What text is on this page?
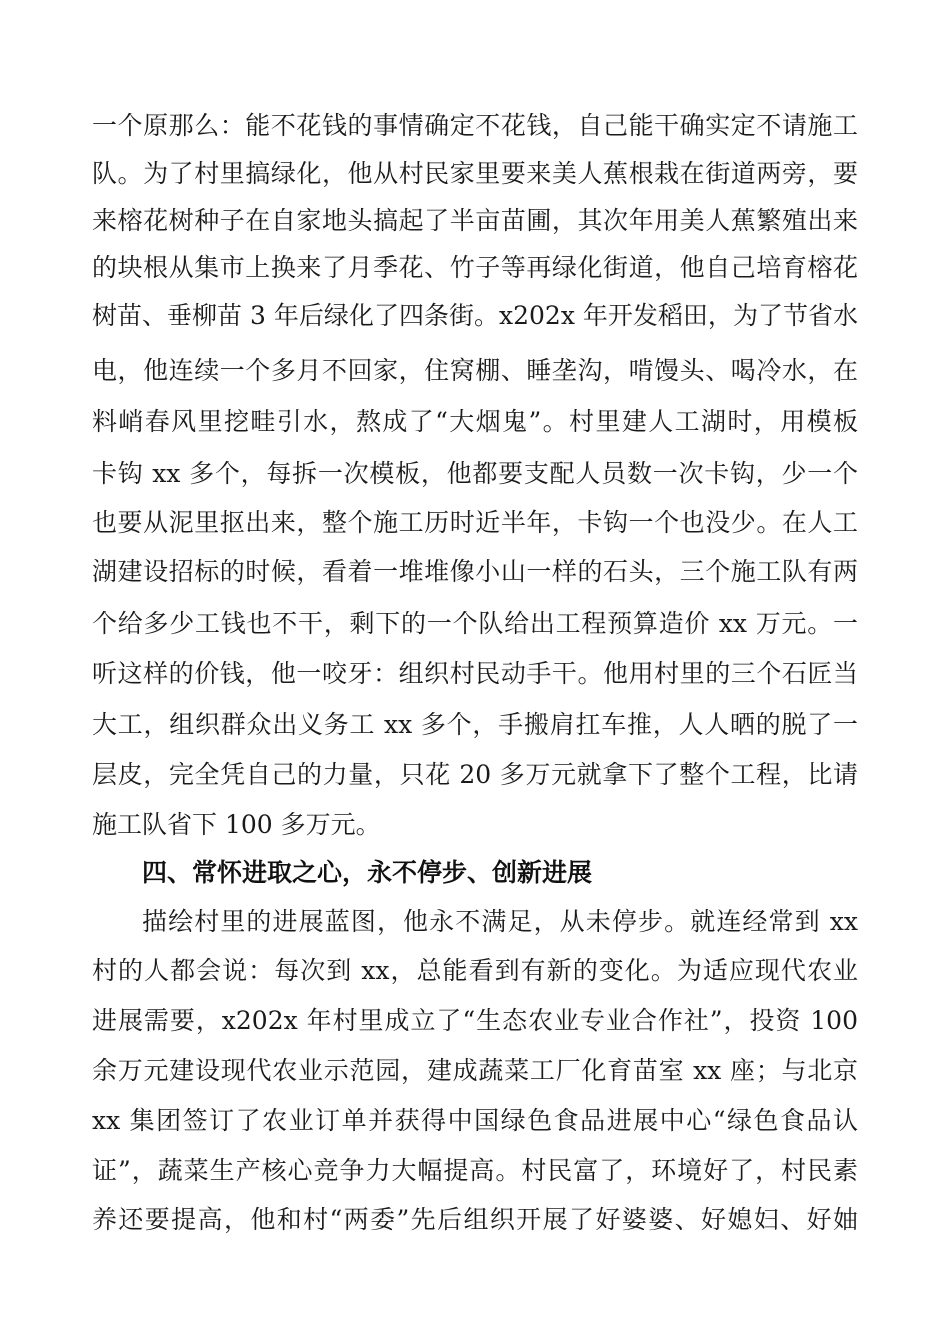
一个原那么：能不花钱的事情确定不花钱，自己能干确实定不请施工
队。为了村里搞绿化，他从村民家里要来美人蕉根栽在街道两旁，要
来榕花树种子在自家地头搞起了半亩苗圃，其次年用美人蕉繁殖出来
的块根从集市上换来了月季花、竹子等再绿化街道，他自己培育榕花
树苗、垂柳苗 3 年后绿化了四条街。x202x 年开发稻田，为了节省水
电，他连续一个多月不回家，住窝棚、睡垄沟，啃馒头、喝冷水，在
料峭春风里挖畦引水，熬成了“大烟鬼”。村里建人工湖时，用模板
卡钩 xx 多个，每拆一次模板，他都要支配人员数一次卡钩，少一个
也要从泥里抠出来，整个施工历时近半年，卡钩一个也没少。在人工
湖建设招标的时候，看着一堆堆像小山一样的石头，三个施工队有两
个给多少工钱也不干，剩下的一个队给出工程预算造价 xx 万元。一
听这样的价钱，他一咬牙：组织村民动手干。他用村里的三个石匠当
大工，组织群众出义务工 xx 多个，手搬肩扛车推，人人晒的脱了一
层皮，完全凭自己的力量，只花 20 多万元就拿下了整个工程，比请
施工队省下 100 多万元。
四、常怀进取之心，永不停步、创新进展
描绘村里的进展蓝图，他永不满足，从未停步。就连经常到 xx
村的人都会说：每次到 xx，总能看到有新的变化。为适应现代农业
进展需要，x202x 年村里成立了“生态农业专业合作社”，投资 100
余万元建设现代农业示范园，建成蔬菜工厂化育苗室 xx 座；与北京
xx 集团签订了农业订单并获得中国绿色食品进展中心“绿色食品认
证”，蔬菜生产核心竞争力大幅提高。村民富了，环境好了，村民素
养还要提高，他和村“两委”先后组织开展了好婆婆、好媳妇、好妯
